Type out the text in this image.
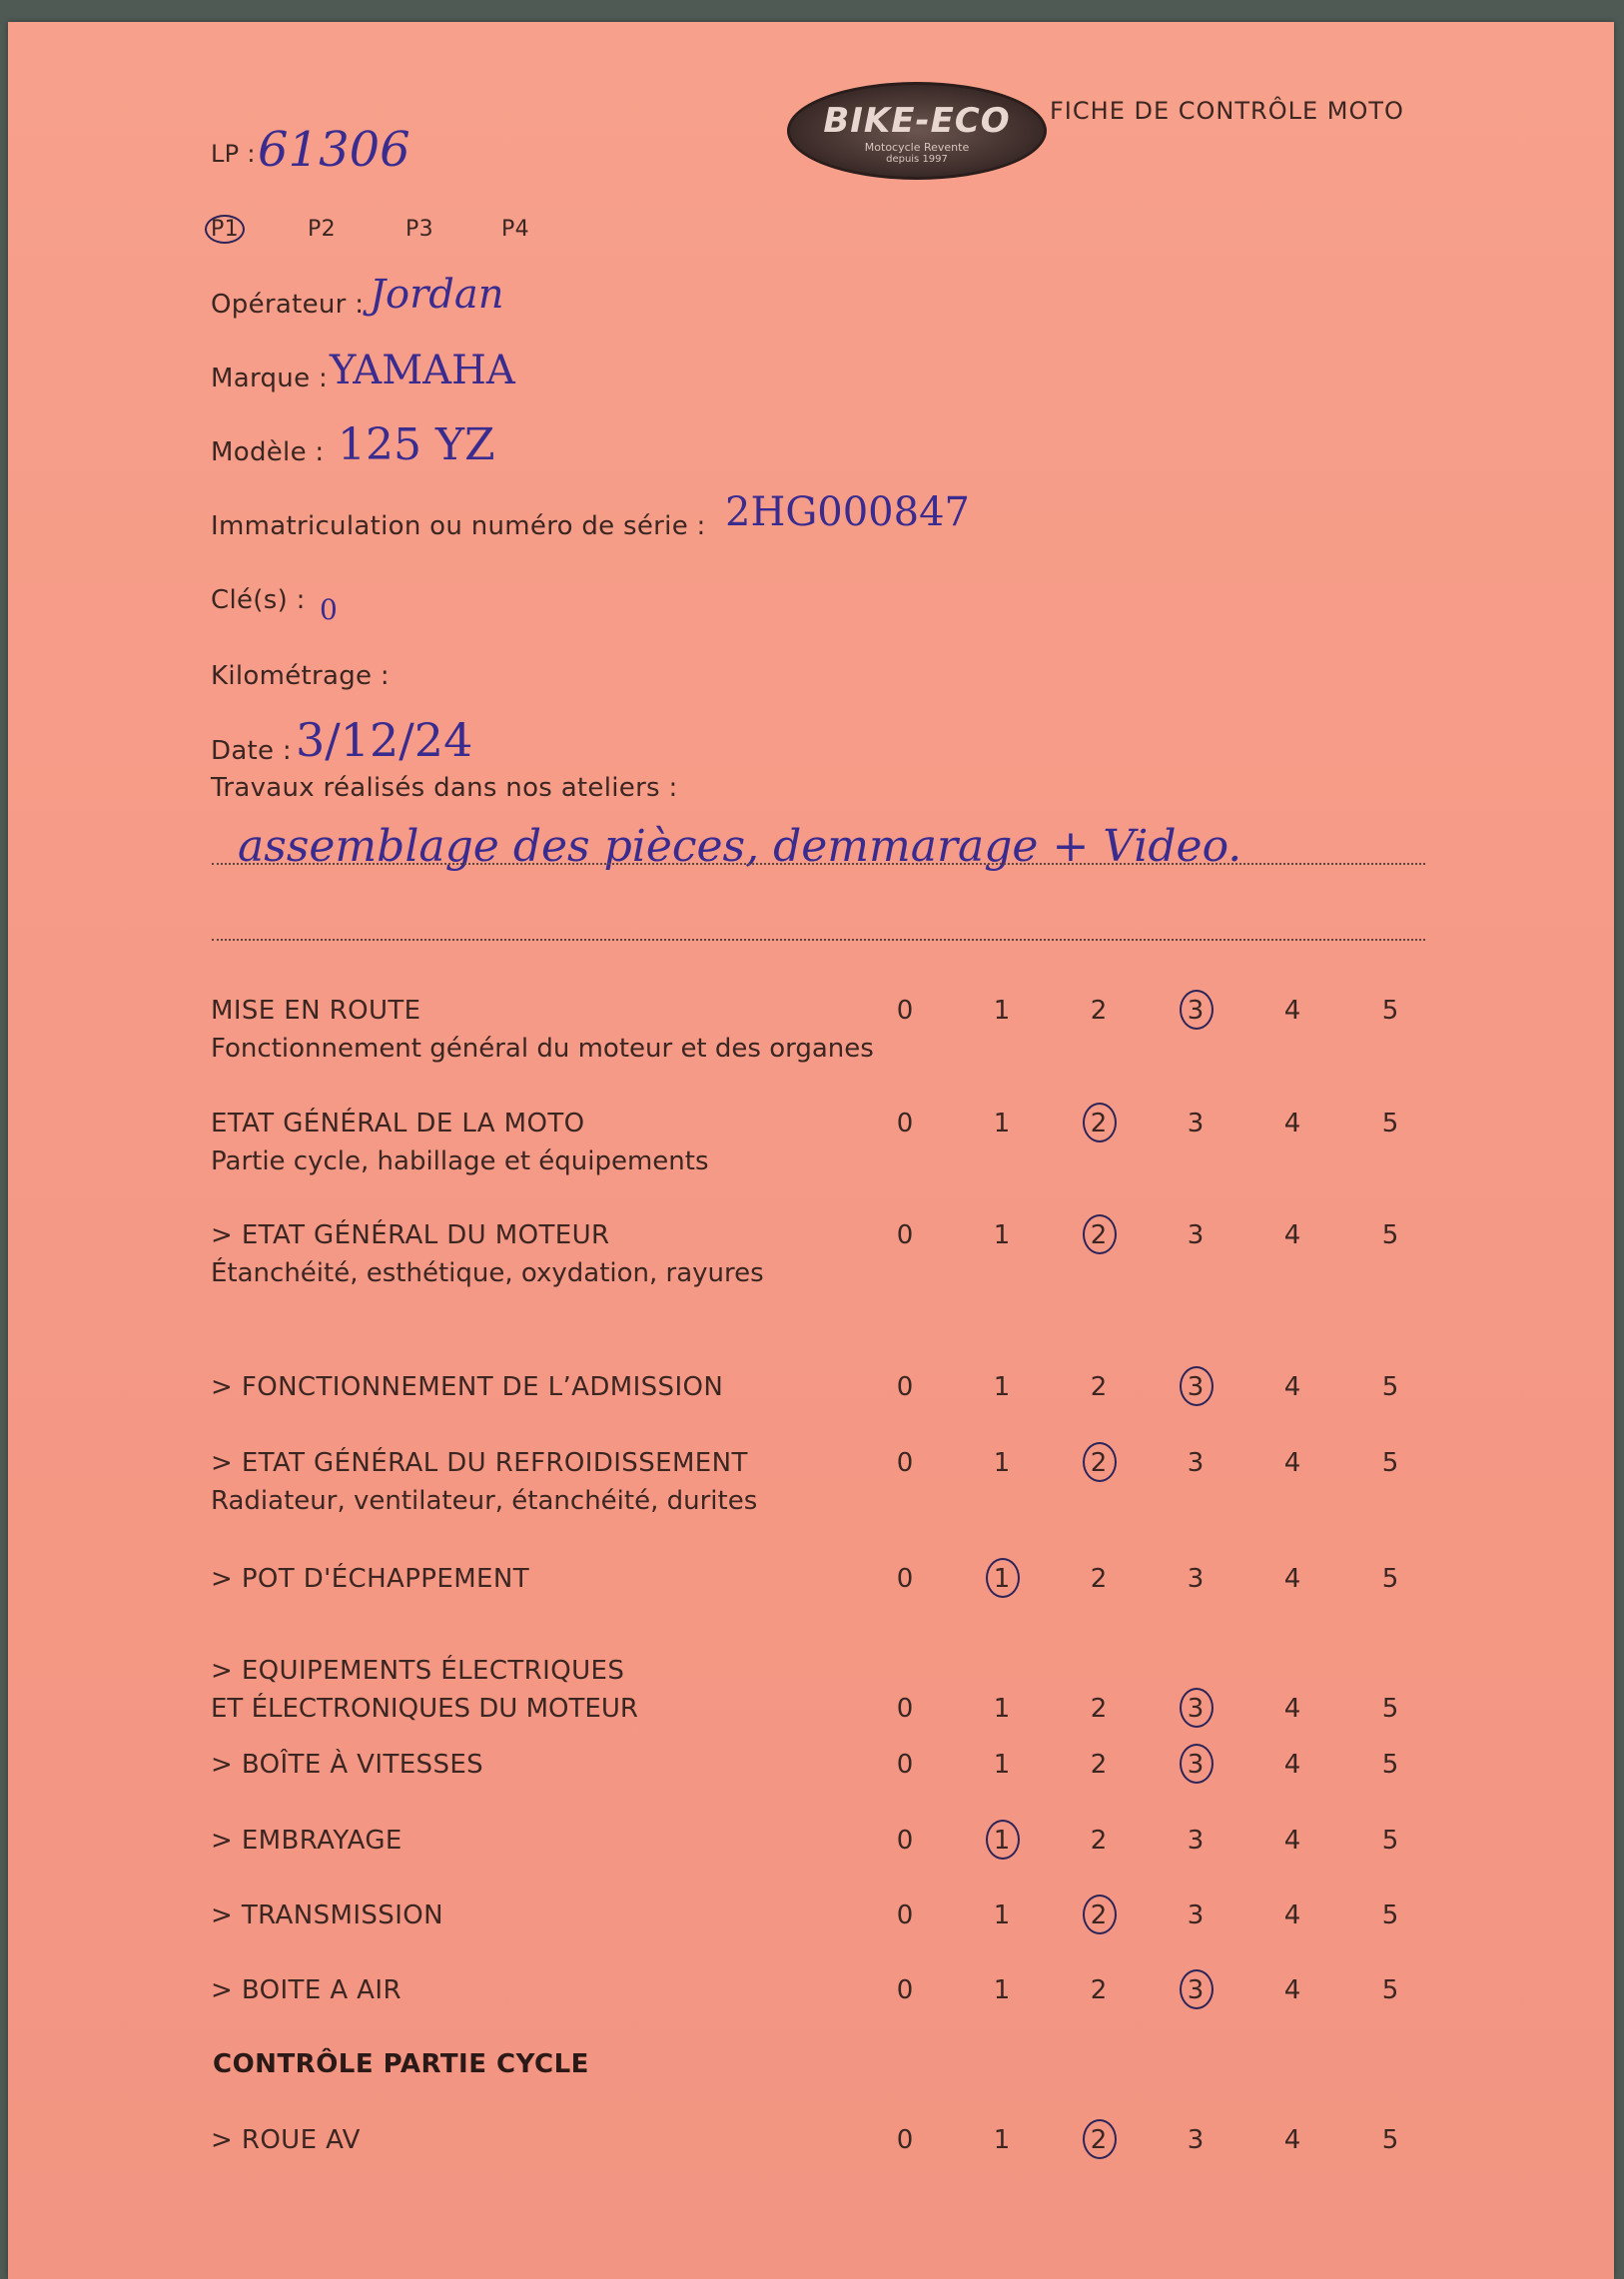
BIKE-ECO
Motocycle Revente
depuis 1997
FICHE DE CONTRÔLE MOTO
LP : 61306
P1	P2	P3	P4
Opérateur : Jordan
Marque : YAMAHA
Modèle : 125 YZ
Immatriculation ou numéro de série : 2HG000847
Clé(s) : 0
Kilométrage :
Date : 3/12/24
Travaux réalisés dans nos ateliers :
assemblage des pièces, demmarage + Video.
MISE EN ROUTE
Fonctionnement général du moteur et des organes
0	1	2	3	4	5
ETAT GÉNÉRAL DE LA MOTO
Partie cycle, habillage et équipements
0	1	2	3	4	5
> ETAT GÉNÉRAL DU MOTEUR
Étanchéité, esthétique, oxydation, rayures
0	1	2	3	4	5
> FONCTIONNEMENT DE L’ADMISSION	0	1	2	3	4	5
> ETAT GÉNÉRAL DU REFROIDISSEMENT
Radiateur, ventilateur, étanchéité, durites
0	1	2	3	4	5
> POT D'ÉCHAPPEMENT	0	1	2	3	4	5
> EQUIPEMENTS ÉLECTRIQUES
ET ÉLECTRONIQUES DU MOTEUR	0	1	2	3	4	5
> BOÎTE À VITESSES	0	1	2	3	4	5
> EMBRAYAGE	0	1	2	3	4	5
> TRANSMISSION	0	1	2	3	4	5
> BOITE A AIR	0	1	2	3	4	5
CONTRÔLE PARTIE CYCLE
> ROUE AV	0	1	2	3	4	5
